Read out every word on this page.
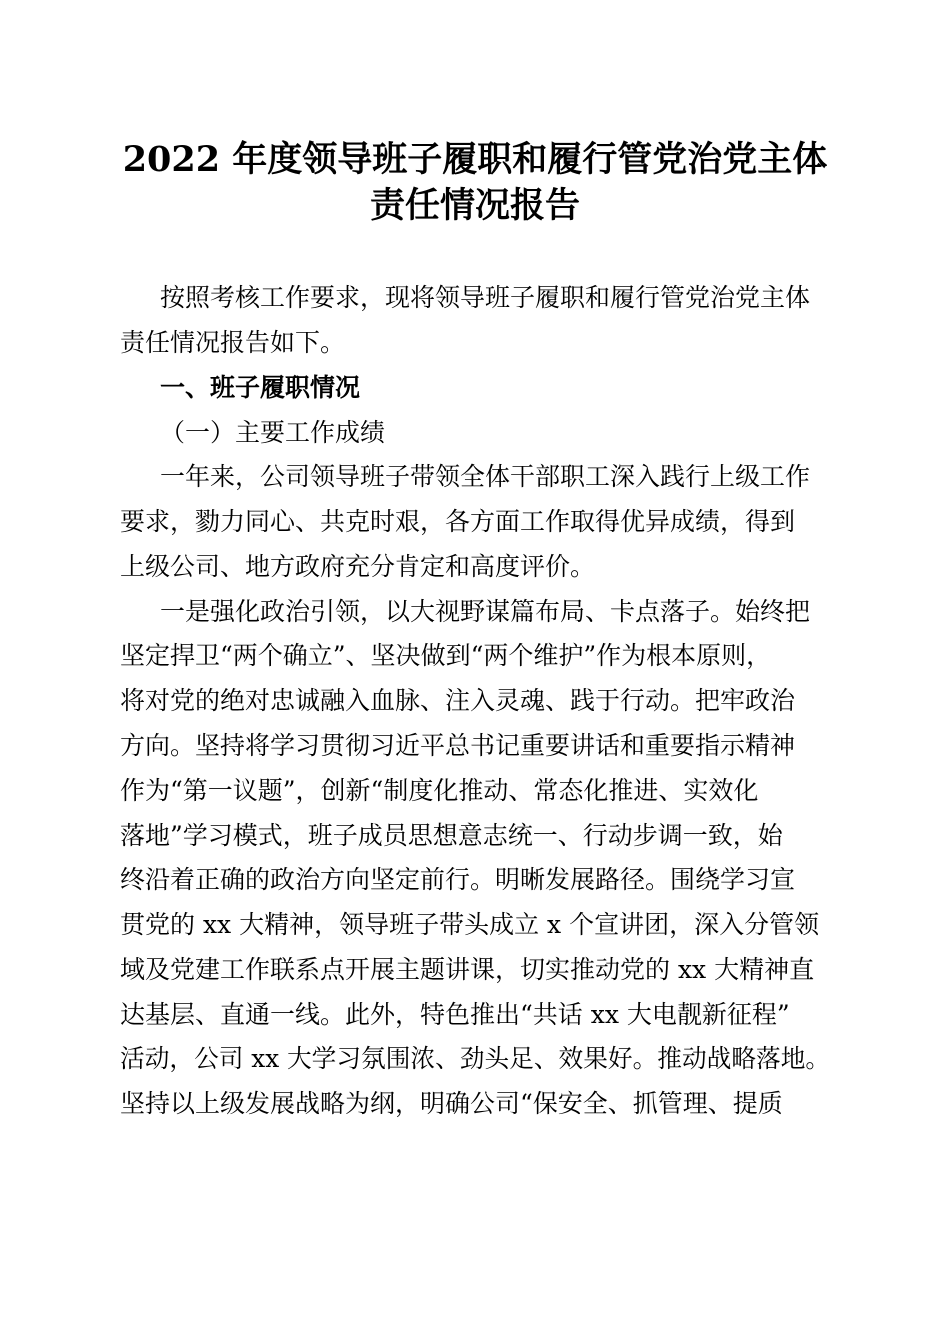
2022 年度领导班子履职和履行管党治党主体
责任情况报告

按照考核工作要求，现将领导班子履职和履行管党治党主体

责任情况报告如下。

一、班子履职情况

（一）主要工作成绩

一年来，公司领导班子带领全体干部职工深入践行上级工作

要求，勠力同心、共克时艰，各方面工作取得优异成绩，得到

上级公司、地方政府充分肯定和高度评价。

一是强化政治引领，以大视野谋篇布局、卡点落子。始终把

坚定捍卫“两个确立”、坚决做到“两个维护”作为根本原则，

将对党的绝对忠诚融入血脉、注入灵魂、践于行动。把牢政治

方向。坚持将学习贯彻习近平总书记重要讲话和重要指示精神

作为“第一议题”，创新“制度化推动、常态化推进、实效化

落地”学习模式，班子成员思想意志统一、行动步调一致，始

终沿着正确的政治方向坚定前行。明晰发展路径。围绕学习宣

贯党的 xx 大精神，领导班子带头成立 x 个宣讲团，深入分管领

域及党建工作联系点开展主题讲课，切实推动党的 xx 大精神直

达基层、直通一线。此外，特色推出“共话 xx 大电靓新征程”

活动，公司 xx 大学习氛围浓、劲头足、效果好。推动战略落地。

坚持以上级发展战略为纲，明确公司“保安全、抓管理、提质
